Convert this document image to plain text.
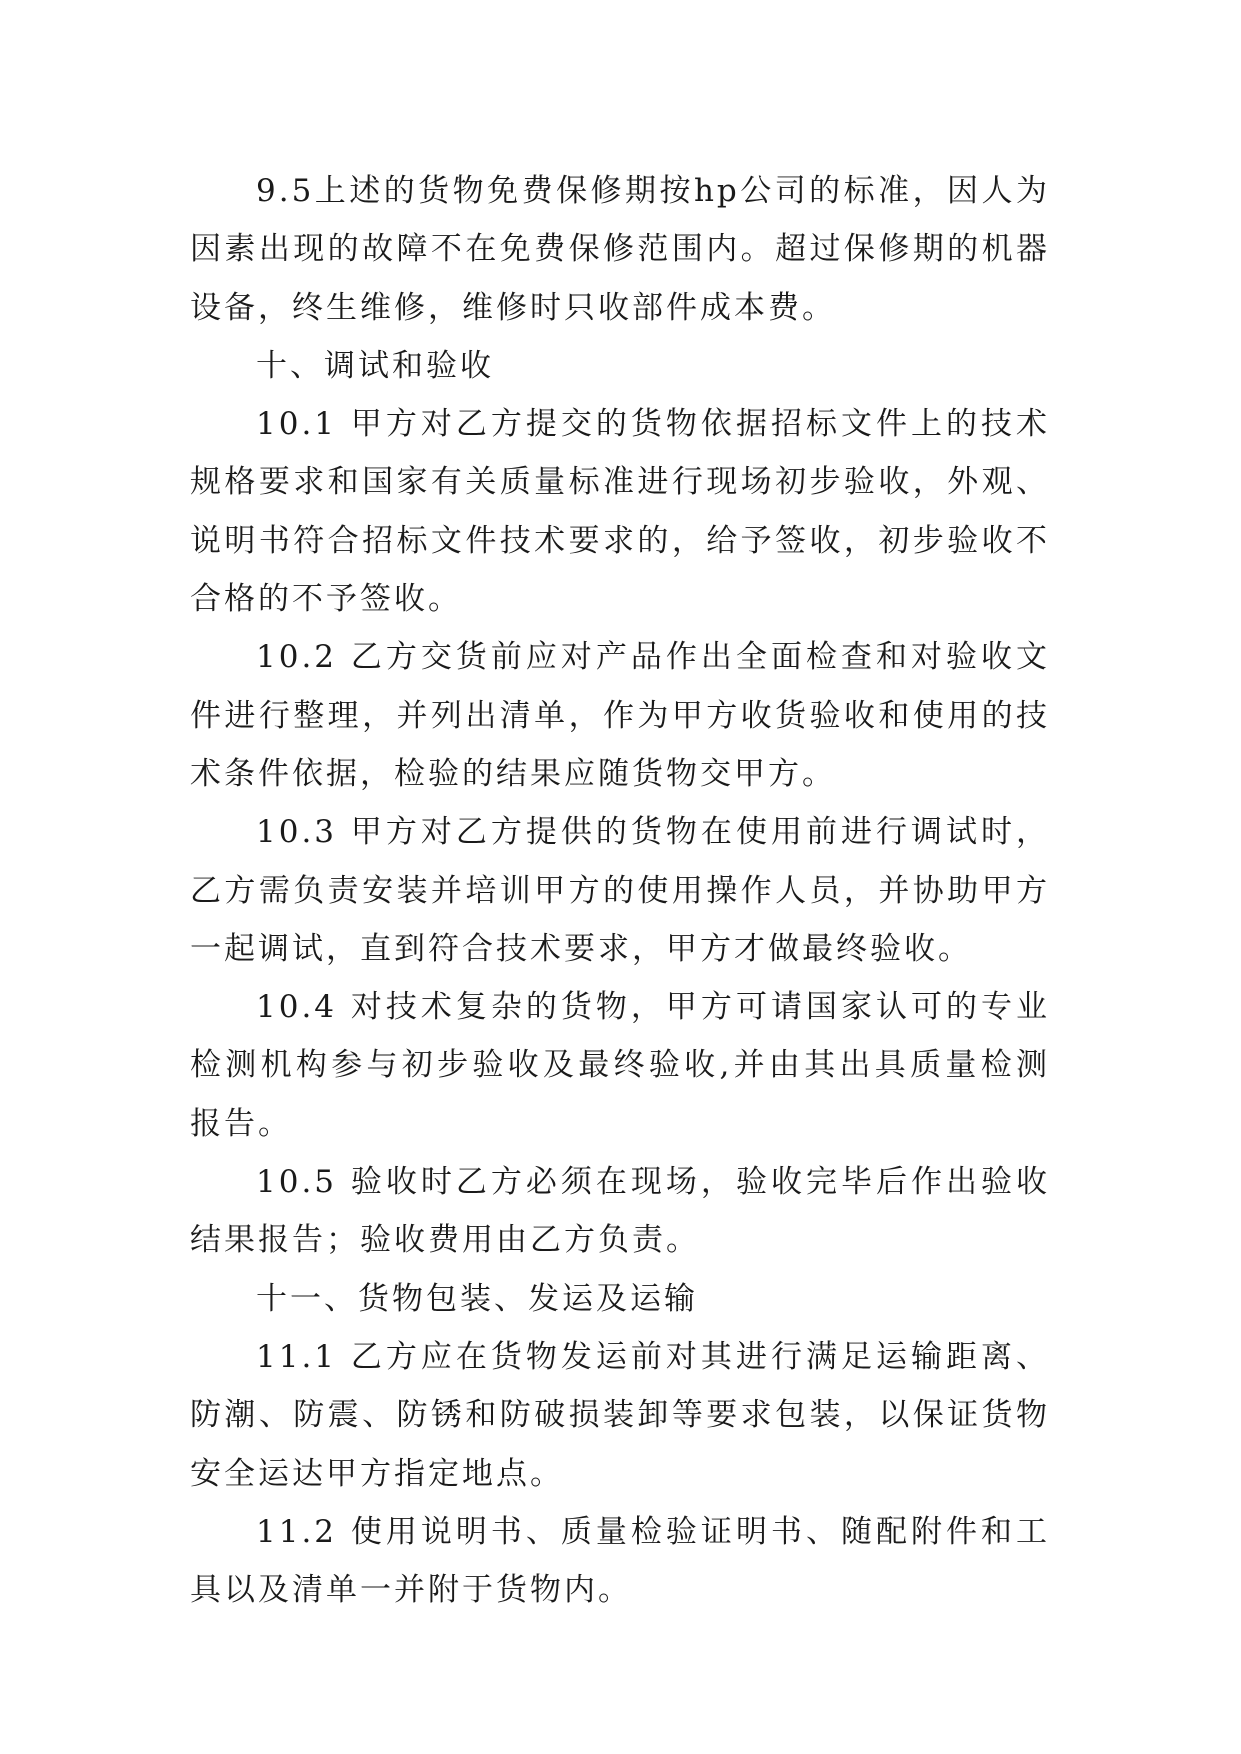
9.5上述的货物免费保修期按hp公司的标准，因人为因素出现的故障不在免费保修范围内。超过保修期的机器设备，终生维修，维修时只收部件成本费。

十、调试和验收

10.1 甲方对乙方提交的货物依据招标文件上的技术规格要求和国家有关质量标准进行现场初步验收，外观、说明书符合招标文件技术要求的，给予签收，初步验收不合格的不予签收。

10.2 乙方交货前应对产品作出全面检查和对验收文件进行整理，并列出清单，作为甲方收货验收和使用的技术条件依据，检验的结果应随货物交甲方。

10.3 甲方对乙方提供的货物在使用前进行调试时，乙方需负责安装并培训甲方的使用操作人员，并协助甲方一起调试，直到符合技术要求，甲方才做最终验收。

10.4 对技术复杂的货物，甲方可请国家认可的专业检测机构参与初步验收及最终验收,并由其出具质量检测报告。

10.5 验收时乙方必须在现场，验收完毕后作出验收结果报告；验收费用由乙方负责。

十一、货物包装、发运及运输

11.1 乙方应在货物发运前对其进行满足运输距离、防潮、防震、防锈和防破损装卸等要求包装，以保证货物安全运达甲方指定地点。

11.2 使用说明书、质量检验证明书、随配附件和工具以及清单一并附于货物内。
